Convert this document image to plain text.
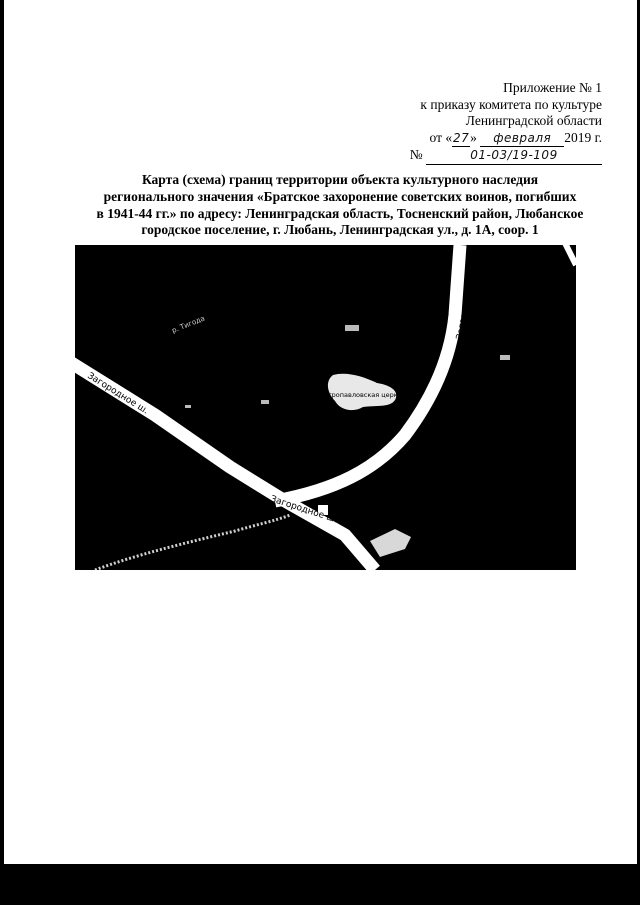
Приложение № 1
к приказу комитета по культуре
Ленинградской области
от «27» февраля 2019 г.
№	01-03/19-109
Карта (схема) границ территории объекта культурного наследия
регионального значения «Братское захоронение советских воинов, погибших
в 1941-44 гг.» по адресу: Ленинградская область, Тосненский район, Любанское
городское поселение, г. Любань, Ленинградская ул., д. 1А, соор. 1
р. Тигода
Загородное ш.
Загородное ш.
Загородное ш.
Петропавловская церковь
